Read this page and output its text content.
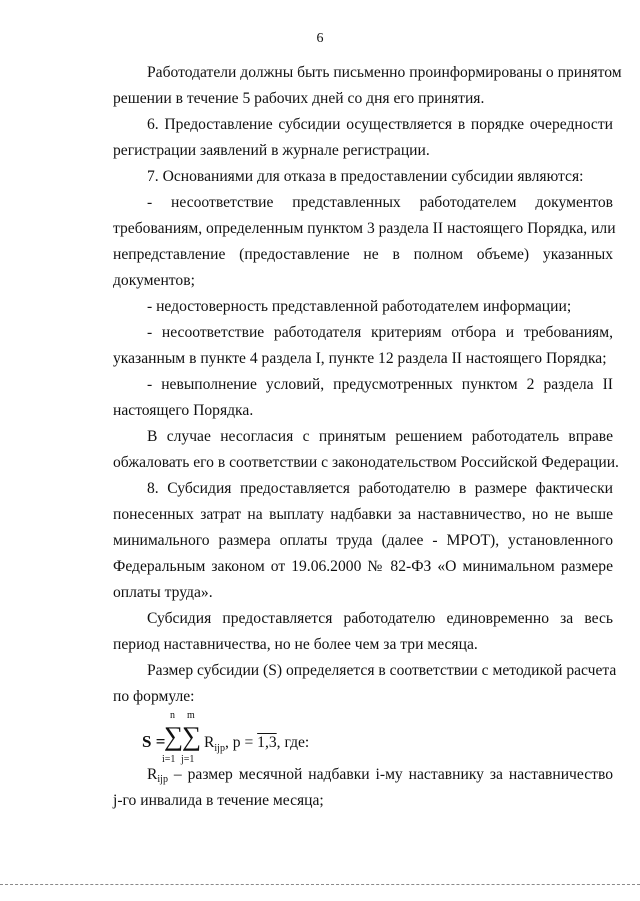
6
Работодатели должны быть письменно проинформированы о принятом
решении в течение 5 рабочих дней со дня его принятия.
6. Предоставление субсидии осуществляется в порядке очередности
регистрации заявлений в журнале регистрации.
7. Основаниями для отказа в предоставлении субсидии являются:
- несоответствие представленных работодателем документов
требованиям, определенным пунктом 3 раздела II настоящего Порядка, или
непредставление (предоставление не в полном объеме) указанных
документов;
- недостоверность представленной работодателем информации;
- несоответствие работодателя критериям отбора и требованиям,
указанным в пункте 4 раздела I, пункте 12 раздела II настоящего Порядка;
- невыполнение условий, предусмотренных пунктом 2 раздела II
настоящего Порядка.
В случае несогласия с принятым решением работодатель вправе
обжаловать его в соответствии с законодательством Российской Федерации.
8. Субсидия предоставляется работодателю в размере фактически
понесенных затрат на выплату надбавки за наставничество, но не выше
минимального размера оплаты труда (далее - МРОТ), установленного
Федеральным законом от 19.06.2000 № 82-ФЗ «О минимальном размере
оплаты труда».
Субсидия предоставляется работодателю единовременно за весь
период наставничества, но не более чем за три месяца.
Размер субсидии (S) определяется в соответствии с методикой расчета
по формуле:
S =
n m
∑
∑
i=1 j=1
$R_{ijp}$, p = 1,3, где:
$R_{ijp}$ – размер месячной надбавки i-му наставнику за наставничество
j-го инвалида в течение месяца;
